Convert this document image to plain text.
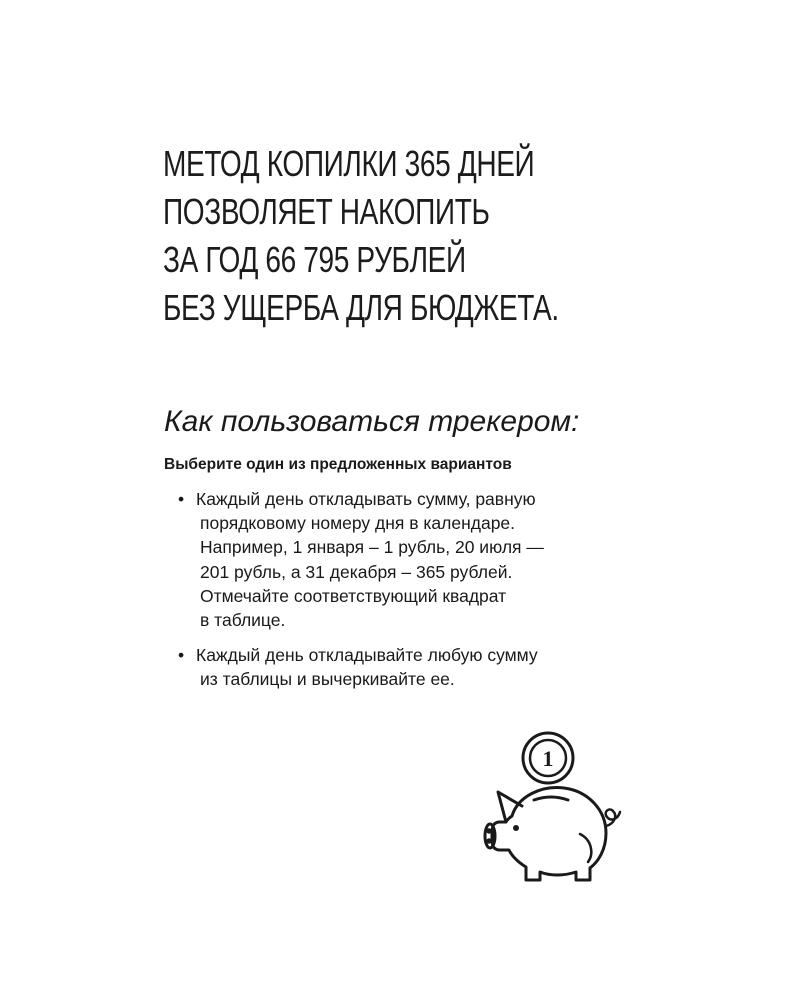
МЕТОД КОПИЛКИ 365 ДНЕЙ
ПОЗВОЛЯЕТ НАКОПИТЬ
ЗА ГОД 66 795 РУБЛЕЙ
БЕЗ УЩЕРБА ДЛЯ БЮДЖЕТА.
Как пользоваться трекером:

Выберите один из предложенных вариантов

• Каждый день откладывать сумму, равную
порядковому номеру дня в календаре.
Например, 1 января – 1 рубль, 20 июля —
201 рубль, а 31 декабря – 365 рублей.
Отмечайте соответствующий квадрат
в таблице.
• Каждый день откладывайте любую сумму
из таблицы и вычеркивайте ее.
1
